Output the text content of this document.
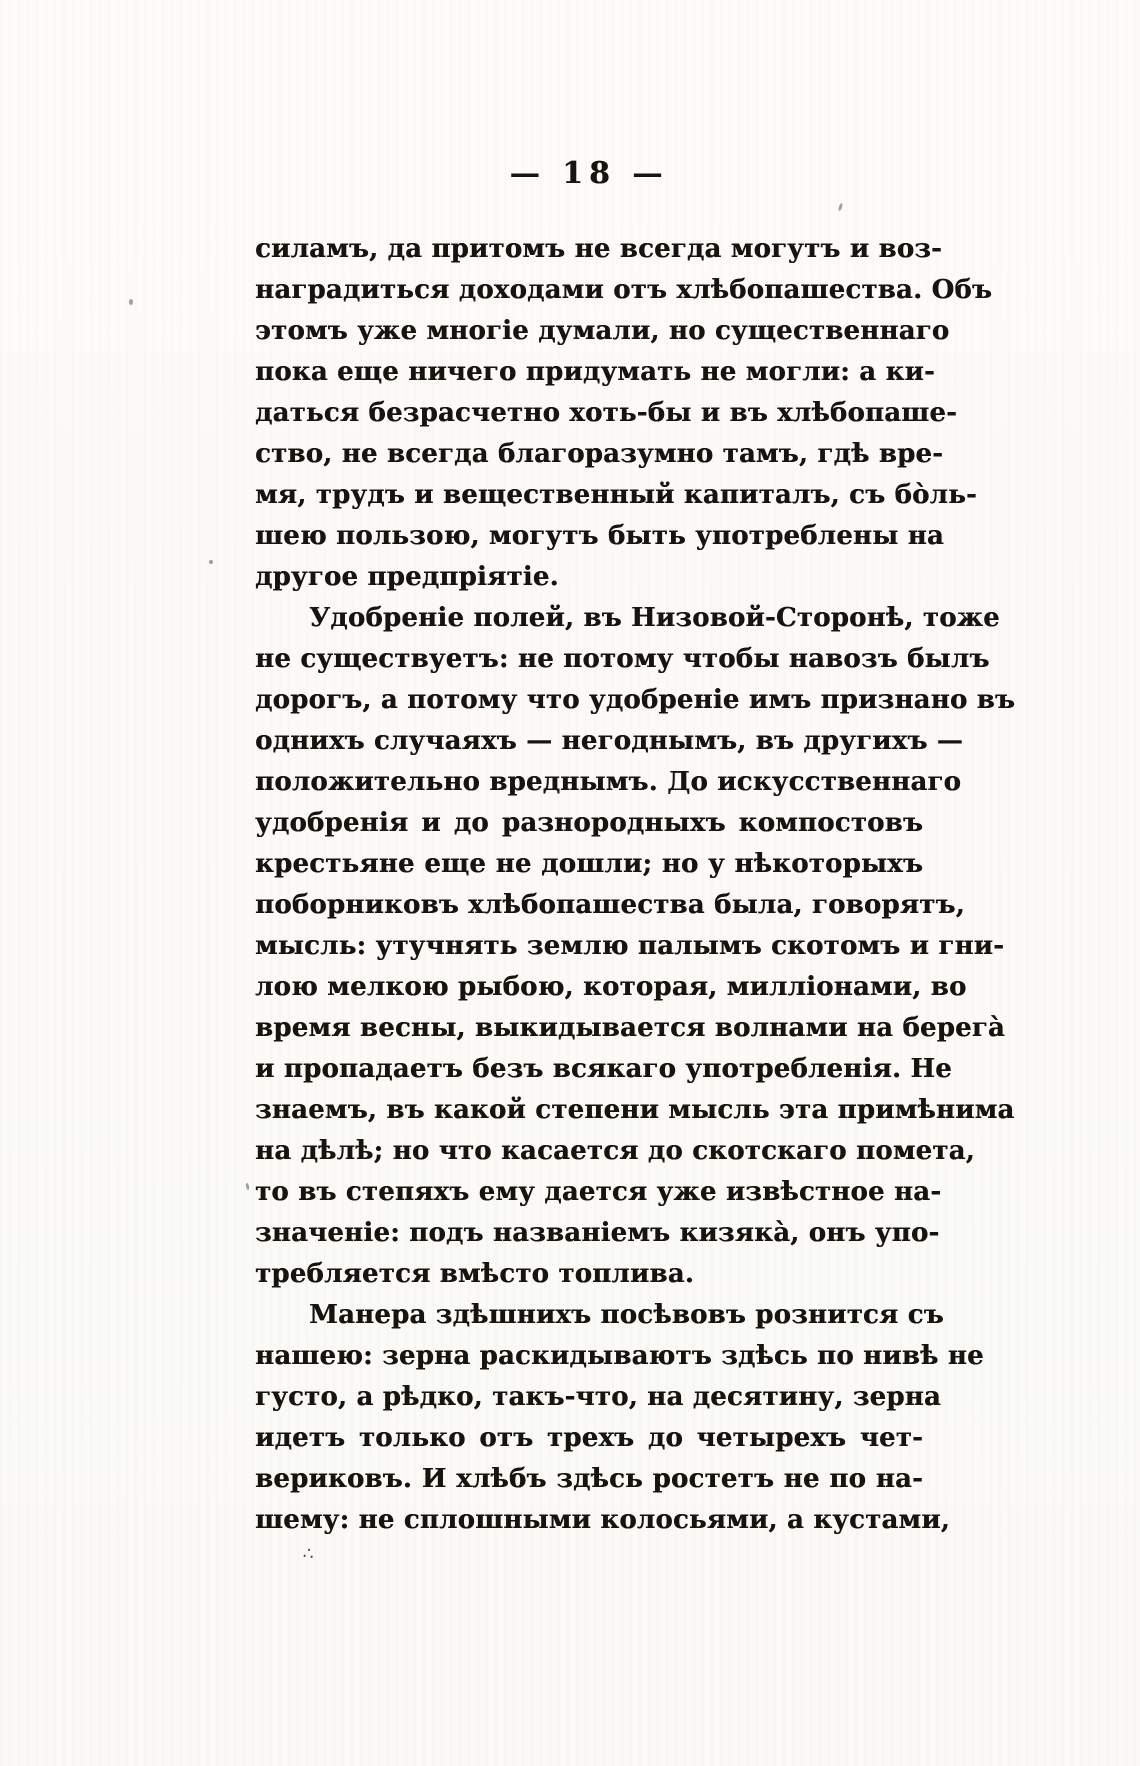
— 18 —
силамъ, да притомъ не всегда могутъ и воз-
наградиться доходами отъ хлѣбопашества. Объ
этомъ уже многіе думали, но существеннаго
пока еще ничего придумать не могли: а ки-
даться безрасчетно хоть-бы и въ хлѣбопаше-
ство, не всегда благоразумно тамъ, гдѣ вре-
мя, трудъ и вещественный капиталъ, съ бо̀ль-
шею пользою, могутъ быть употреблены на
другое предпріятіе.
Удобреніе полей, въ Низовой-Сторонѣ, тоже
не существуетъ: не потому чтобы навозъ былъ
дорогъ, а потому что удобреніе имъ признано въ
однихъ случаяхъ — негоднымъ, въ другихъ —
положительно вреднымъ. До искусственнаго
удобренія и до разнородныхъ компостовъ
крестьяне еще не дошли; но у нѣкоторыхъ
поборниковъ хлѣбопашества была, говорятъ,
мысль: утучнять землю палымъ скотомъ и гни-
лою мелкою рыбою, которая, милліонами, во
время весны, выкидывается волнами на берега̀
и пропадаетъ безъ всякаго употребленія. Не
знаемъ, въ какой степени мысль эта примѣнима
на дѣлѣ; но что касается до скотскаго помета,
то въ степяхъ ему дается уже извѣстное на-
значеніе: подъ названіемъ кизяка̀, онъ упо-
требляется вмѣсто топлива.
Манера здѣшнихъ посѣвовъ рознится съ
нашею: зерна раскидываютъ здѣсь по нивѣ не
густо, а рѣдко, такъ-что, на десятину, зерна
идетъ только отъ трехъ до четырехъ чет-
вериковъ. И хлѣбъ здѣсь ростетъ не по на-
шему: не сплошными колосьями, а кустами,
∴
